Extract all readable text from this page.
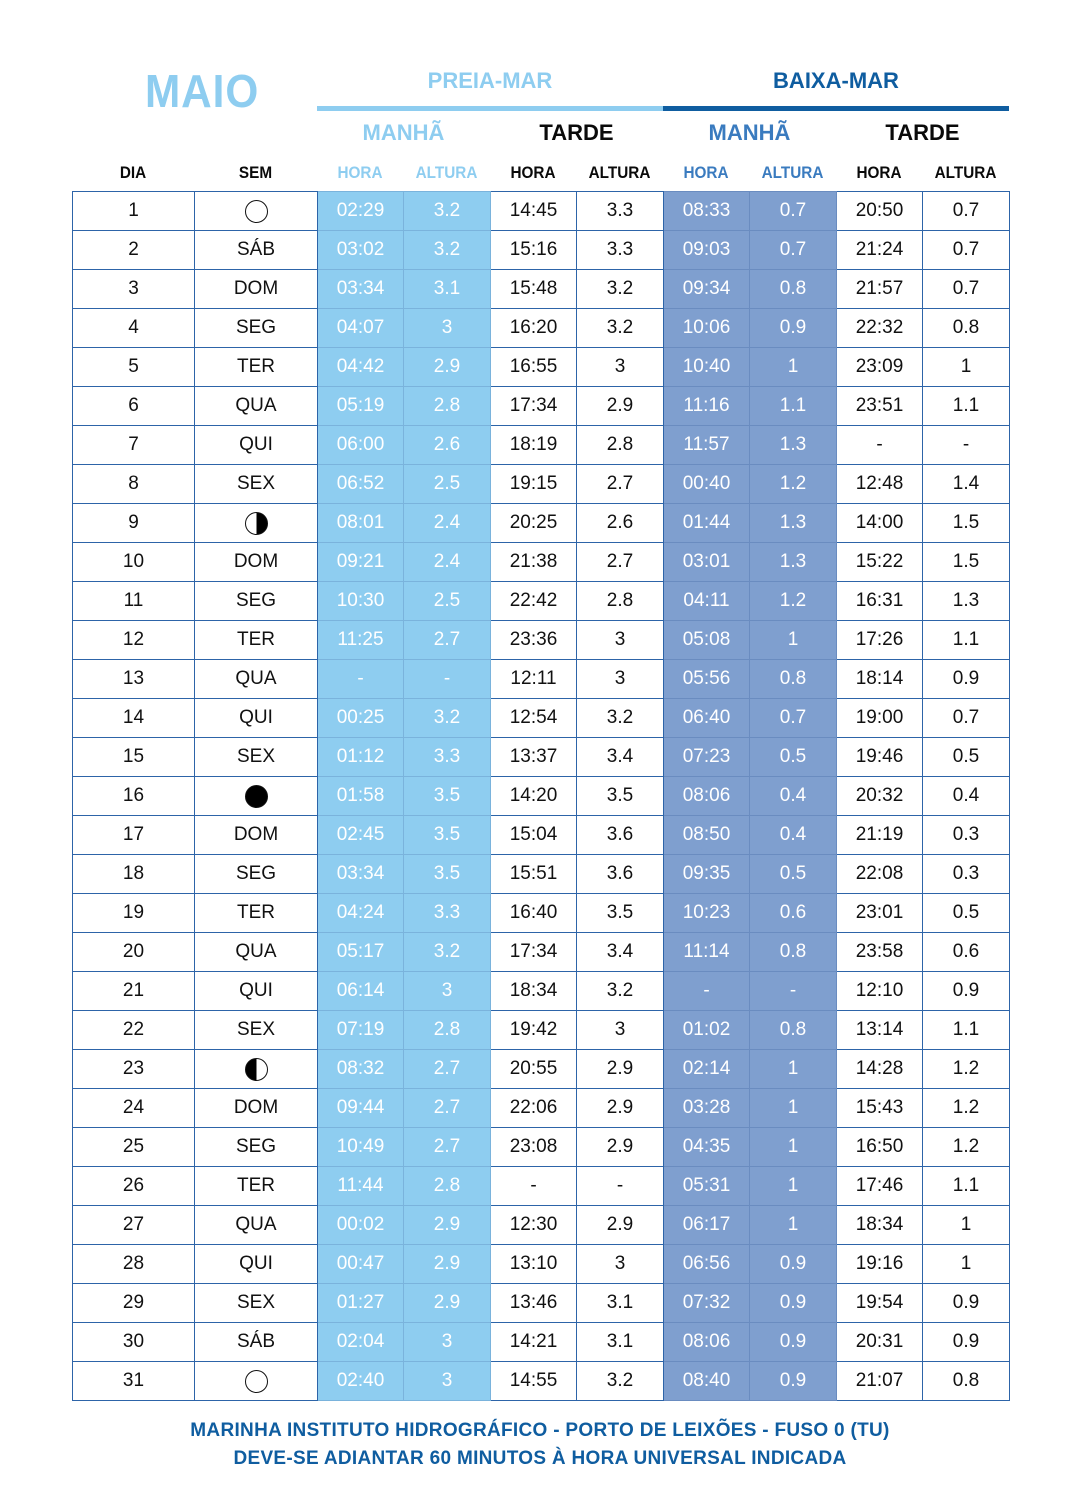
MAIO	PREIA-MAR	BAIXA-MAR
MANHÃ	TARDE	MANHÃ	TARDE
DIA	SEM	HORA	ALTURA	HORA	ALTURA	HORA	ALTURA	HORA	ALTURA
1		02:29	3.2	14:45	3.3	08:33	0.7	20:50	0.7
2	SÁB	03:02	3.2	15:16	3.3	09:03	0.7	21:24	0.7
3	DOM	03:34	3.1	15:48	3.2	09:34	0.8	21:57	0.7
4	SEG	04:07	3	16:20	3.2	10:06	0.9	22:32	0.8
5	TER	04:42	2.9	16:55	3	10:40	1	23:09	1
6	QUA	05:19	2.8	17:34	2.9	11:16	1.1	23:51	1.1
7	QUI	06:00	2.6	18:19	2.8	11:57	1.3	-	-
8	SEX	06:52	2.5	19:15	2.7	00:40	1.2	12:48	1.4
9		08:01	2.4	20:25	2.6	01:44	1.3	14:00	1.5
10	DOM	09:21	2.4	21:38	2.7	03:01	1.3	15:22	1.5
11	SEG	10:30	2.5	22:42	2.8	04:11	1.2	16:31	1.3
12	TER	11:25	2.7	23:36	3	05:08	1	17:26	1.1
13	QUA	-	-	12:11	3	05:56	0.8	18:14	0.9
14	QUI	00:25	3.2	12:54	3.2	06:40	0.7	19:00	0.7
15	SEX	01:12	3.3	13:37	3.4	07:23	0.5	19:46	0.5
16		01:58	3.5	14:20	3.5	08:06	0.4	20:32	0.4
17	DOM	02:45	3.5	15:04	3.6	08:50	0.4	21:19	0.3
18	SEG	03:34	3.5	15:51	3.6	09:35	0.5	22:08	0.3
19	TER	04:24	3.3	16:40	3.5	10:23	0.6	23:01	0.5
20	QUA	05:17	3.2	17:34	3.4	11:14	0.8	23:58	0.6
21	QUI	06:14	3	18:34	3.2	-	-	12:10	0.9
22	SEX	07:19	2.8	19:42	3	01:02	0.8	13:14	1.1
23		08:32	2.7	20:55	2.9	02:14	1	14:28	1.2
24	DOM	09:44	2.7	22:06	2.9	03:28	1	15:43	1.2
25	SEG	10:49	2.7	23:08	2.9	04:35	1	16:50	1.2
26	TER	11:44	2.8	-	-	05:31	1	17:46	1.1
27	QUA	00:02	2.9	12:30	2.9	06:17	1	18:34	1
28	QUI	00:47	2.9	13:10	3	06:56	0.9	19:16	1
29	SEX	01:27	2.9	13:46	3.1	07:32	0.9	19:54	0.9
30	SÁB	02:04	3	14:21	3.1	08:06	0.9	20:31	0.9
31		02:40	3	14:55	3.2	08:40	0.9	21:07	0.8
MARINHA INSTITUTO HIDROGRÁFICO - PORTO DE LEIXÕES - FUSO 0 (TU)
DEVE-SE ADIANTAR 60 MINUTOS À HORA UNIVERSAL INDICADA
